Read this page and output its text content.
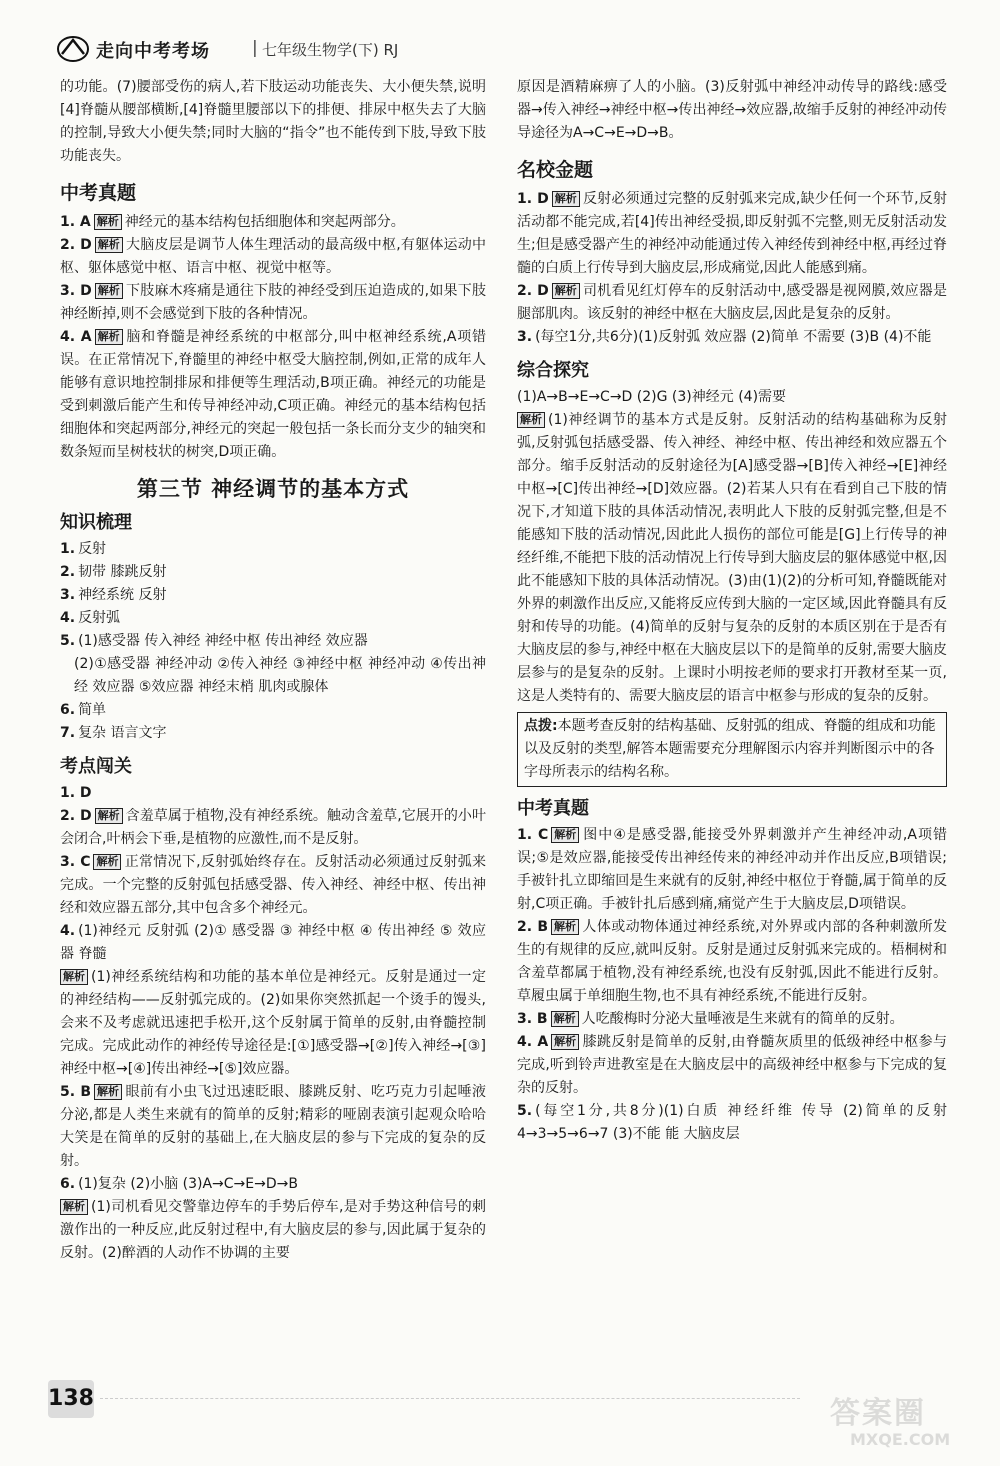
走向中考考场 | 七年级生物学(下) RJ

的功能。(7)腰部受伤的病人,若下肢运动功能丧失、大小便失禁,说明[4]脊髓从腰部横断,[4]脊髓里腰部以下的排便、排尿中枢失去了大脑的控制,导致大小便失禁;同时大脑的“指令”也不能传到下肢,导致下肢功能丧失。

中考真题

1. A 解析 神经元的基本结构包括细胞体和突起两部分。

2. D 解析 大脑皮层是调节人体生理活动的最高级中枢,有躯体运动中枢、躯体感觉中枢、语言中枢、视觉中枢等。

3. D 解析 下肢麻木疼痛是通往下肢的神经受到压迫造成的,如果下肢神经断掉,则不会感觉到下肢的各种情况。

4. A 解析 脑和脊髓是神经系统的中枢部分,叫中枢神经系统,A项错误。在正常情况下,脊髓里的神经中枢受大脑控制,例如,正常的成年人能够有意识地控制排尿和排便等生理活动,B项正确。神经元的功能是受到刺激后能产生和传导神经冲动,C项正确。神经元的基本结构包括细胞体和突起两部分,神经元的突起一般包括一条长而分支少的轴突和数条短而呈树枝状的树突,D项正确。

第三节 神经调节的基本方式
知识梳理

1. 反射

2. 韧带 膝跳反射

3. 神经系统 反射

4. 反射弧

5. (1)感受器 传入神经 神经中枢 传出神经 效应器

(2)①感受器 神经冲动 ②传入神经 ③神经中枢 神经冲动 ④传出神经 效应器 ⑤效应器 神经末梢 肌肉或腺体

6. 简单

7. 复杂 语言文字

考点闯关

1. D

2. D 解析 含羞草属于植物,没有神经系统。触动含羞草,它展开的小叶会闭合,叶柄会下垂,是植物的应激性,而不是反射。

3. C 解析 正常情况下,反射弧始终存在。反射活动必须通过反射弧来完成。一个完整的反射弧包括感受器、传入神经、神经中枢、传出神经和效应器五部分,其中包含多个神经元。

4. (1)神经元 反射弧 (2)① 感受器 ③ 神经中枢 ④ 传出神经 ⑤ 效应器 脊髓

解析 (1)神经系统结构和功能的基本单位是神经元。反射是通过一定的神经结构——反射弧完成的。(2)如果你突然抓起一个烫手的馒头,会来不及考虑就迅速把手松开,这个反射属于简单的反射,由脊髓控制完成。完成此动作的神经传导途径是:[①]感受器→[②]传入神经→[③]神经中枢→[④]传出神经→[⑤]效应器。

5. B 解析 眼前有小虫飞过迅速眨眼、膝跳反射、吃巧克力引起唾液分泌,都是人类生来就有的简单的反射;精彩的哑剧表演引起观众哈哈大笑是在简单的反射的基础上,在大脑皮层的参与下完成的复杂的反射。

6. (1)复杂 (2)小脑 (3)A→C→E→D→B

解析 (1)司机看见交警靠边停车的手势后停车,是对手势这种信号的刺激作出的一种反应,此反射过程中,有大脑皮层的参与,因此属于复杂的反射。(2)醉酒的人动作不协调的主要

原因是酒精麻痹了人的小脑。(3)反射弧中神经冲动传导的路线:感受器→传入神经→神经中枢→传出神经→效应器,故缩手反射的神经冲动传导途径为A→C→E→D→B。

名校金题

1. D 解析 反射必须通过完整的反射弧来完成,缺少任何一个环节,反射活动都不能完成,若[4]传出神经受损,即反射弧不完整,则无反射活动发生;但是感受器产生的神经冲动能通过传入神经传到神经中枢,再经过脊髓的白质上行传导到大脑皮层,形成痛觉,因此人能感到痛。

2. D 解析 司机看见红灯停车的反射活动中,感受器是视网膜,效应器是腿部肌肉。该反射的神经中枢在大脑皮层,因此是复杂的反射。

3. (每空1分,共6分)(1)反射弧 效应器 (2)简单 不需要 (3)B (4)不能

综合探究

(1)A→B→E→C→D (2)G (3)神经元 (4)需要

解析 (1)神经调节的基本方式是反射。反射活动的结构基础称为反射弧,反射弧包括感受器、传入神经、神经中枢、传出神经和效应器五个部分。缩手反射活动的反射途径为[A]感受器→[B]传入神经→[E]神经中枢→[C]传出神经→[D]效应器。(2)若某人只有在看到自己下肢的情况下,才知道下肢的具体活动情况,表明此人下肢的反射弧完整,但是不能感知下肢的活动情况,因此此人损伤的部位可能是[G]上行传导的神经纤维,不能把下肢的活动情况上行传导到大脑皮层的躯体感觉中枢,因此不能感知下肢的具体活动情况。(3)由(1)(2)的分析可知,脊髓既能对外界的刺激作出反应,又能将反应传到大脑的一定区域,因此脊髓具有反射和传导的功能。(4)简单的反射与复杂的反射的本质区别在于是否有大脑皮层的参与,神经中枢在大脑皮层以下的是简单的反射,需要大脑皮层参与的是复杂的反射。上课时小明按老师的要求打开教材至某一页,这是人类特有的、需要大脑皮层的语言中枢参与形成的复杂的反射。

点拨:本题考查反射的结构基础、反射弧的组成、脊髓的组成和功能以及反射的类型,解答本题需要充分理解图示内容并判断图示中的各字母所表示的结构名称。
中考真题

1. C 解析 图中④是感受器,能接受外界刺激并产生神经冲动,A项错误;⑤是效应器,能接受传出神经传来的神经冲动并作出反应,B项错误;手被针扎立即缩回是生来就有的反射,神经中枢位于脊髓,属于简单的反射,C项正确。手被针扎后感到痛,痛觉产生于大脑皮层,D项错误。

2. B 解析 人体或动物体通过神经系统,对外界或内部的各种刺激所发生的有规律的反应,就叫反射。反射是通过反射弧来完成的。梧桐树和含羞草都属于植物,没有神经系统,也没有反射弧,因此不能进行反射。草履虫属于单细胞生物,也不具有神经系统,不能进行反射。

3. B 解析 人吃酸梅时分泌大量唾液是生来就有的简单的反射。

4. A 解析 膝跳反射是简单的反射,由脊髓灰质里的低级神经中枢参与完成,听到铃声进教室是在大脑皮层中的高级神经中枢参与下完成的复杂的反射。

5. (每空1分,共8分)(1)白质 神经纤维 传导 (2)简单的反射 4→3→5→6→7 (3)不能 能 大脑皮层

138	答案圈
MXQE.COM
